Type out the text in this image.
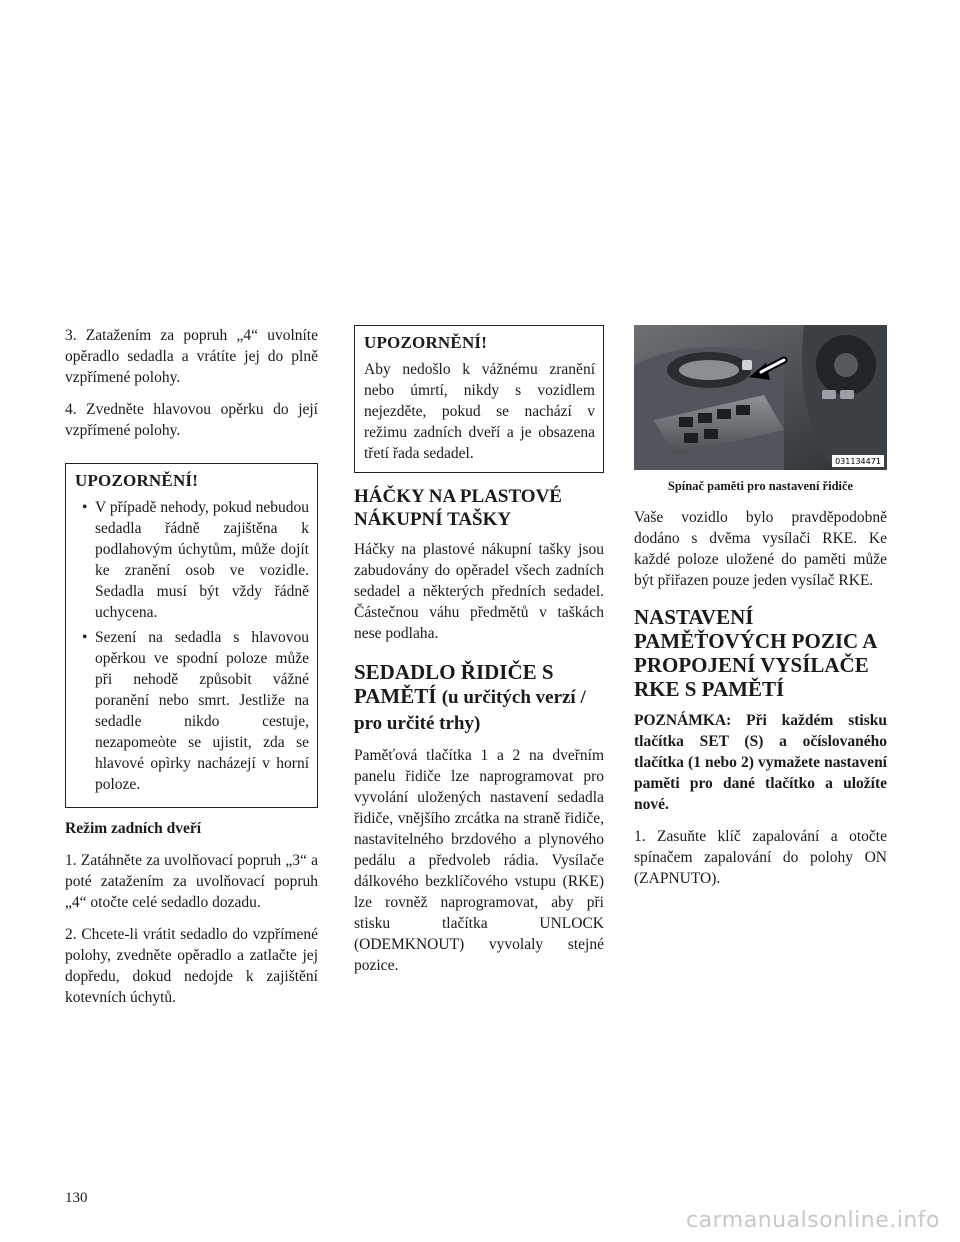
3. Zatažením za popruh „4“ uvolníte opěradlo sedadla a vrátíte jej do plně vzpřímené polohy.

4. Zvedněte hlavovou opěrku do její vzpřímené polohy.

UPOZORNĚNÍ!
• V případě nehody, pokud nebudou sedadla řádně zajištěna k podlahovým úchytům, může dojít ke zranění osob ve vozidle. Sedadla musí být vždy řádně uchycena.
• Sezení na sedadla s hlavovou opěrkou ve spodní poloze může při nehodě způsobit vážné poranění nebo smrt. Jestliže na sedadle nikdo cestuje, nezapomeòte se ujistit, zda se hlavové opìrky nacházejí v horní poloze.

Režim zadních dveří

1. Zatáhněte za uvolňovací popruh „3“ a poté zatažením za uvolňovací popruh „4“ otočte celé sedadlo dozadu.

2. Chcete-li vrátit sedadlo do vzpřímené polohy, zvedněte opěradlo a zatlačte jej dopředu, dokud nedojde k zajištění kotevních úchytů.

UPOZORNĚNÍ!

Aby nedošlo k vážnému zranění nebo úmrtí, nikdy s vozidlem nejezděte, pokud se nachází v režimu zadních dveří a je obsazena třetí řada sedadel.

HÁČKY NA PLASTOVÉ NÁKUPNÍ TAŠKY

Háčky na plastové nákupní tašky jsou zabudovány do opěradel všech zadních sedadel a některých předních sedadel. Částečnou váhu předmětů v taškách nese podlaha.

SEDADLO ŘIDIČE S PAMĚTÍ (u určitých verzí / pro určité trhy)

Paměťová tlačítka 1 a 2 na dveřním panelu řidiče lze naprogramovat pro vyvolání uložených nastavení sedadla řidiče, vnějšího zrcátka na straně řidiče, nastavitelného brzdového a plynového pedálu a předvoleb rádia. Vysílače dálkového bezklíčového vstupu (RKE) lze rovněž naprogramovat, aby při stisku tlačítka UNLOCK (ODEMKNOUT) vyvolaly stejné pozice.

031134471

Spínač paměti pro nastavení řidiče

Vaše vozidlo bylo pravděpodobně dodáno s dvěma vysílači RKE. Ke každé poloze uložené do paměti může být přiřazen pouze jeden vysílač RKE.

NASTAVENÍ PAMĚŤOVÝCH POZIC A PROPOJENÍ VYSÍLAČE RKE S PAMĚTÍ

POZNÁMKA: Při každém stisku tlačítka SET (S) a očíslovaného tlačítka (1 nebo 2) vymažete nastavení paměti pro dané tlačítko a uložíte nové.

1. Zasuňte klíč zapalování a otočte spínačem zapalování do polohy ON (ZAPNUTO).

130
carmanualsonline.info
